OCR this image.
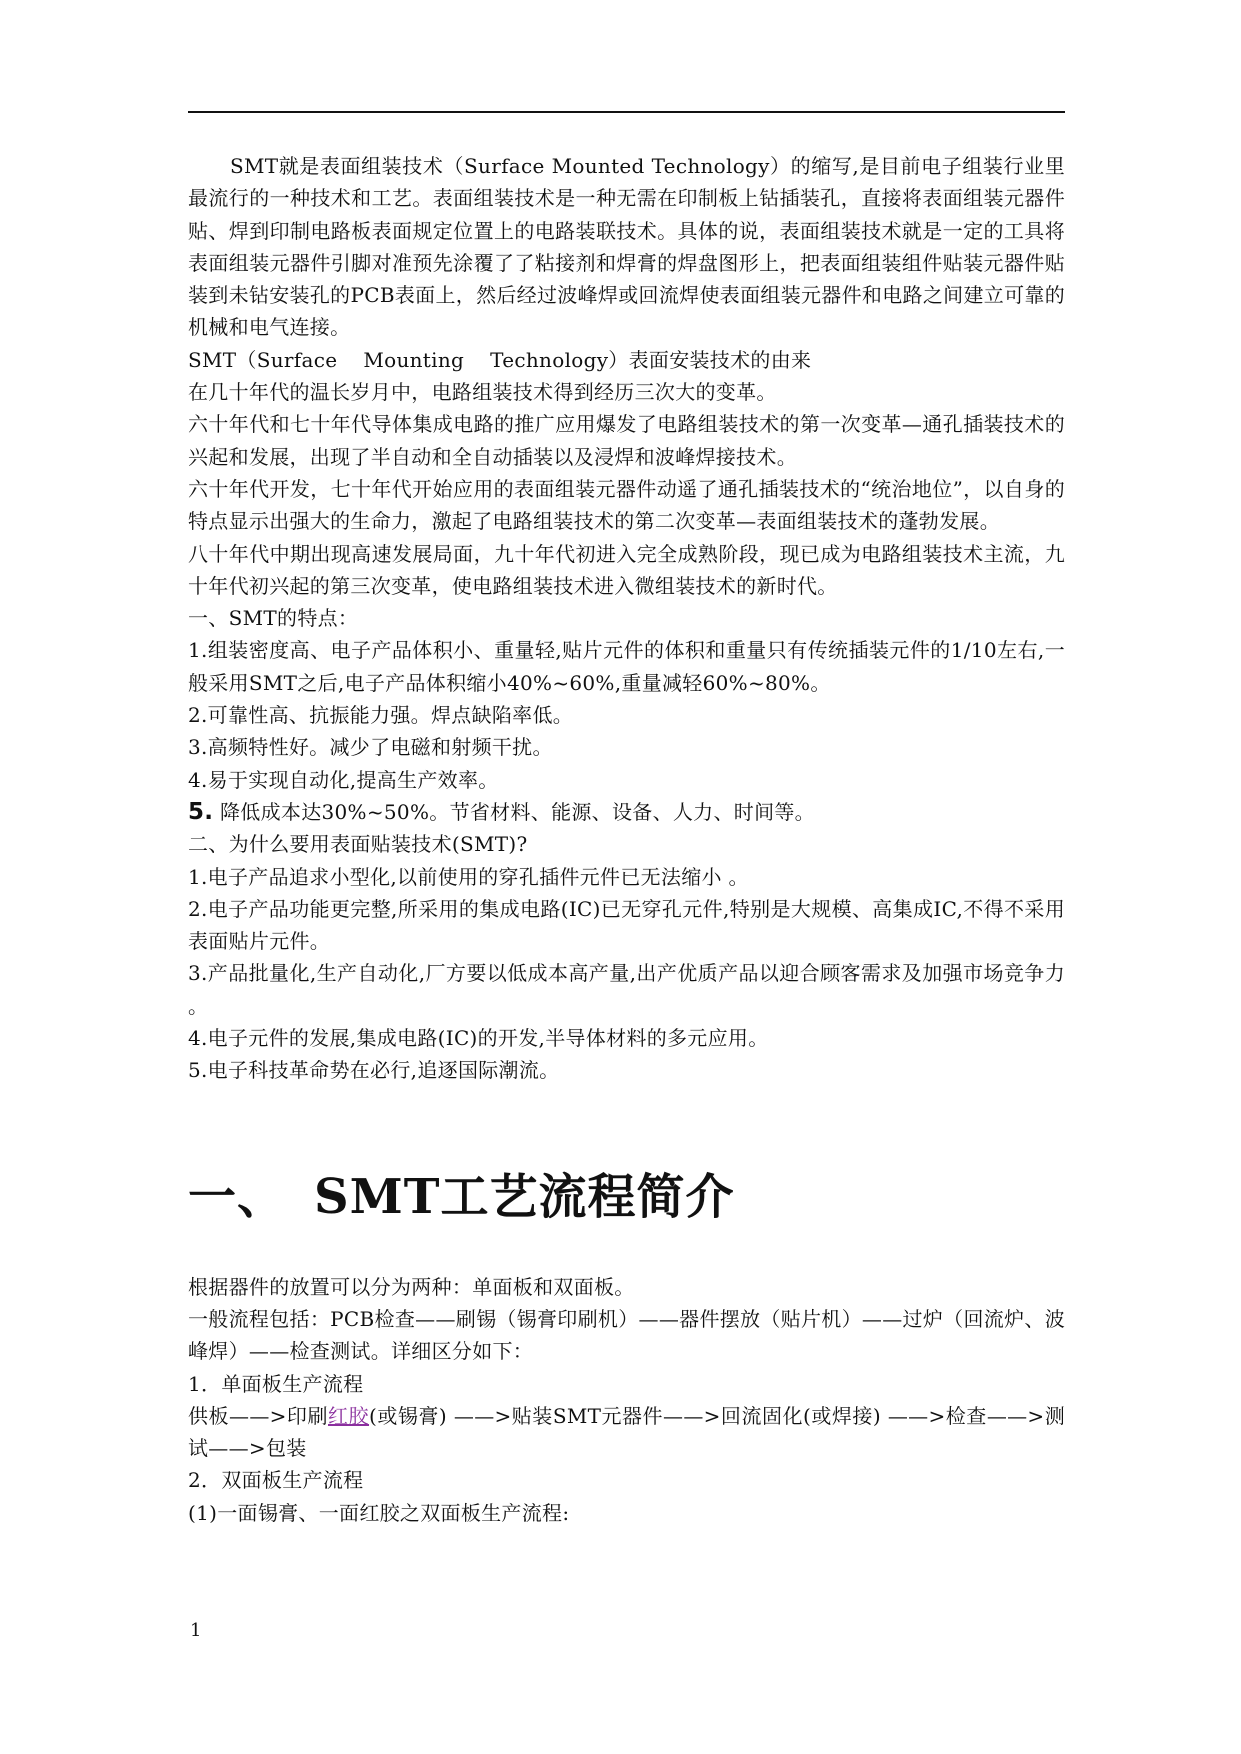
SMT就是表面组装技术（Surface Mounted Technology）的缩写,是目前电子组装行业里最流行的一种技术和工艺。表面组装技术是一种无需在印制板上钻插装孔，直接将表面组装元器件贴、焊到印制电路板表面规定位置上的电路装联技术。具体的说，表面组装技术就是一定的工具将表面组装元器件引脚对准预先涂覆了了粘接剂和焊膏的焊盘图形上，把表面组装组件贴装元器件贴装到未钻安装孔的PCB表面上，然后经过波峰焊或回流焊使表面组装元器件和电路之间建立可靠的机械和电气连接。

SMT（Surface Mounting Technology）表面安装技术的由来

在几十年代的温长岁月中，电路组装技术得到经历三次大的变革。

六十年代和七十年代导体集成电路的推广应用爆发了电路组装技术的第一次变革—通孔插装技术的兴起和发展，出现了半自动和全自动插装以及浸焊和波峰焊接技术。

六十年代开发，七十年代开始应用的表面组装元器件动遥了通孔插装技术的“统治地位”，以自身的特点显示出强大的生命力，激起了电路组装技术的第二次变革—表面组装技术的蓬勃发展。

八十年代中期出现高速发展局面，九十年代初进入完全成熟阶段，现已成为电路组装技术主流，九十年代初兴起的第三次变革，使电路组装技术进入微组装技术的新时代。

一、SMT的特点：

1.组装密度高、电子产品体积小、重量轻,贴片元件的体积和重量只有传统插装元件的1/10左右,一般采用SMT之后,电子产品体积缩小40%~60%,重量减轻60%~80%。

2.可靠性高、抗振能力强。焊点缺陷率低。

3.高频特性好。减少了电磁和射频干扰。

4.易于实现自动化,提高生产效率。

5. 降低成本达30%~50%。节省材料、能源、设备、人力、时间等。

二、为什么要用表面贴装技术(SMT)?

1.电子产品追求小型化,以前使用的穿孔插件元件已无法缩小 。

2.电子产品功能更完整,所采用的集成电路(IC)已无穿孔元件,特别是大规模、高集成IC,不得不采用表面贴片元件。

3.产品批量化,生产自动化,厂方要以低成本高产量,出产优质产品以迎合顾客需求及加强市场竞争力 。

4.电子元件的发展,集成电路(IC)的开发,半导体材料的多元应用。

5.电子科技革命势在必行,追逐国际潮流。

一、 SMT工艺流程简介

根据器件的放置可以分为两种：单面板和双面板。

一般流程包括：PCB检查——刷锡（锡膏印刷机）——器件摆放（贴片机）——过炉（回流炉、波峰焊）——检查测试。详细区分如下：

1．单面板生产流程

供板——>印刷红胶(或锡膏) ——>贴装SMT元器件——>回流固化(或焊接) ——>检查——>测试——>包装

2．双面板生产流程

(1)一面锡膏、一面红胶之双面板生产流程:

1
